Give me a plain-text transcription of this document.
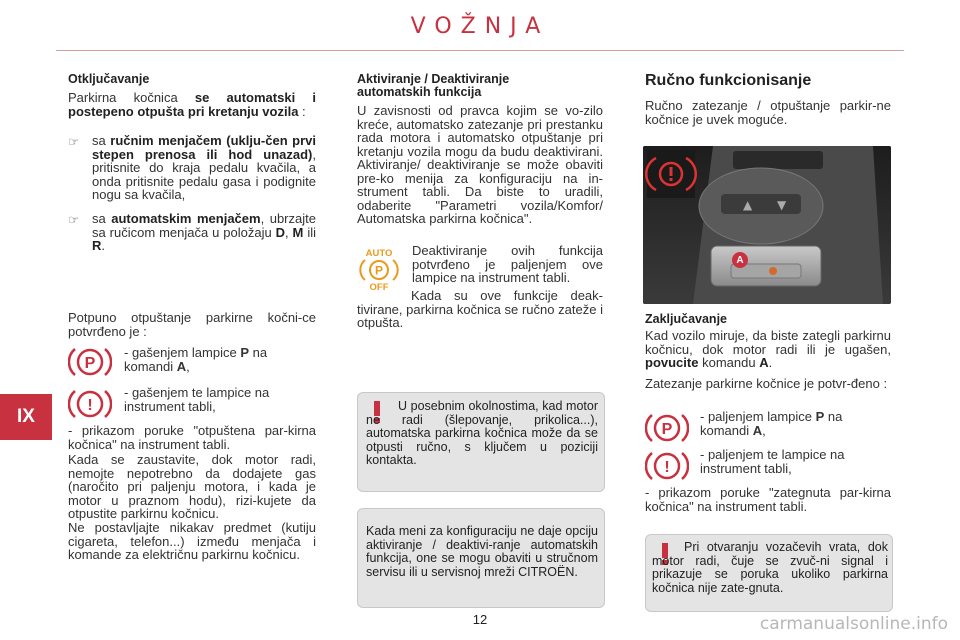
VOŽNJA
IX
12	carmanualsonline.info
Otključavanje
Parkirna kočnica se automatski i postepeno otpušta pri kretanju vozila :
☞ sa ručnim menjačem (uklju-čen prvi stepen prenosa ili hod unazad), pritisnite do kraja pedalu kvačila, a onda pritisnite pedalu gasa i podignite nogu sa kvačila,
☞ sa automatskim menjačem, ubrzajte sa ručicom menjača u položaju D, M ili R.
Potpuno otpuštanje parkirne kočni-ce potvrđeno je :
P
- gašenjem lampice P na komandi A,
!
- gašenjem te lampice na instrument tabli,
- prikazom poruke "otpuštena par-kirna kočnica" na instrument tabli.
Kada se zaustavite, dok motor radi, nemojte nepotrebno da dodajete gas (naročito pri paljenju motora, i kada je motor u praznom hodu), rizi-kujete da otpustite parkirnu kočnicu.
Ne postavljajte nikakav predmet (kutiju cigareta, telefon...) između menjača i komande za električnu parkirnu kočnicu.
Aktiviranje / Deaktiviranje automatskih funkcija
U zavisnosti od pravca kojim se vo-zilo kreće, automatsko zatezanje pri prestanku rada motora i automatsko otpuštanje pri kretanju vozila mogu da budu deaktivirani. Aktiviranje/ deaktiviranje se može obaviti pre-ko menija za konfiguraciju na in-strument tabli. Da biste to uradili, odaberite "Parametri vozila/Komfor/ Automatska parkirna kočnica".
AUTO
P
OFF
Deaktiviranje ovih funkcija potvrđeno je paljenjem ove lampice na instrument tabli.
Kada su ove funkcije deak-tivirane, parkirna kočnica se ručno zateže i otpušta.
U posebnim okolnostima, kad motor ne radi (šlepovanje, prikolica...), automatska parkirna kočnica može da se otpusti ručno, s ključem u poziciji kontakta.
Kada meni za konfiguraciju ne daje opciju aktiviranje / deaktivi-ranje automatskih funkcija, one se mogu obaviti u stručnom servisu ili u servisnoj mreži CITROËN.
Ručno funkcionisanje
Ručno zatezanje / otpuštanje parkir-ne kočnice je uvek moguće.
▲ ▼
A
Zaključavanje
Kad vozilo miruje, da biste zategli parkirnu kočnicu, dok motor radi ili je ugašen, povucite komandu A.
Zatezanje parkirne kočnice je potvr-đeno :
P
- paljenjem lampice P na komandi A,
!
- paljenjem te lampice na instrument tabli,
- prikazom poruke "zategnuta par-kirna kočnica" na instrument tabli.
Pri otvaranju vozačevih vrata, dok motor radi, čuje se zvuč-ni signal i prikazuje se poruka ukoliko parkirna kočnica nije zate-gnuta.
